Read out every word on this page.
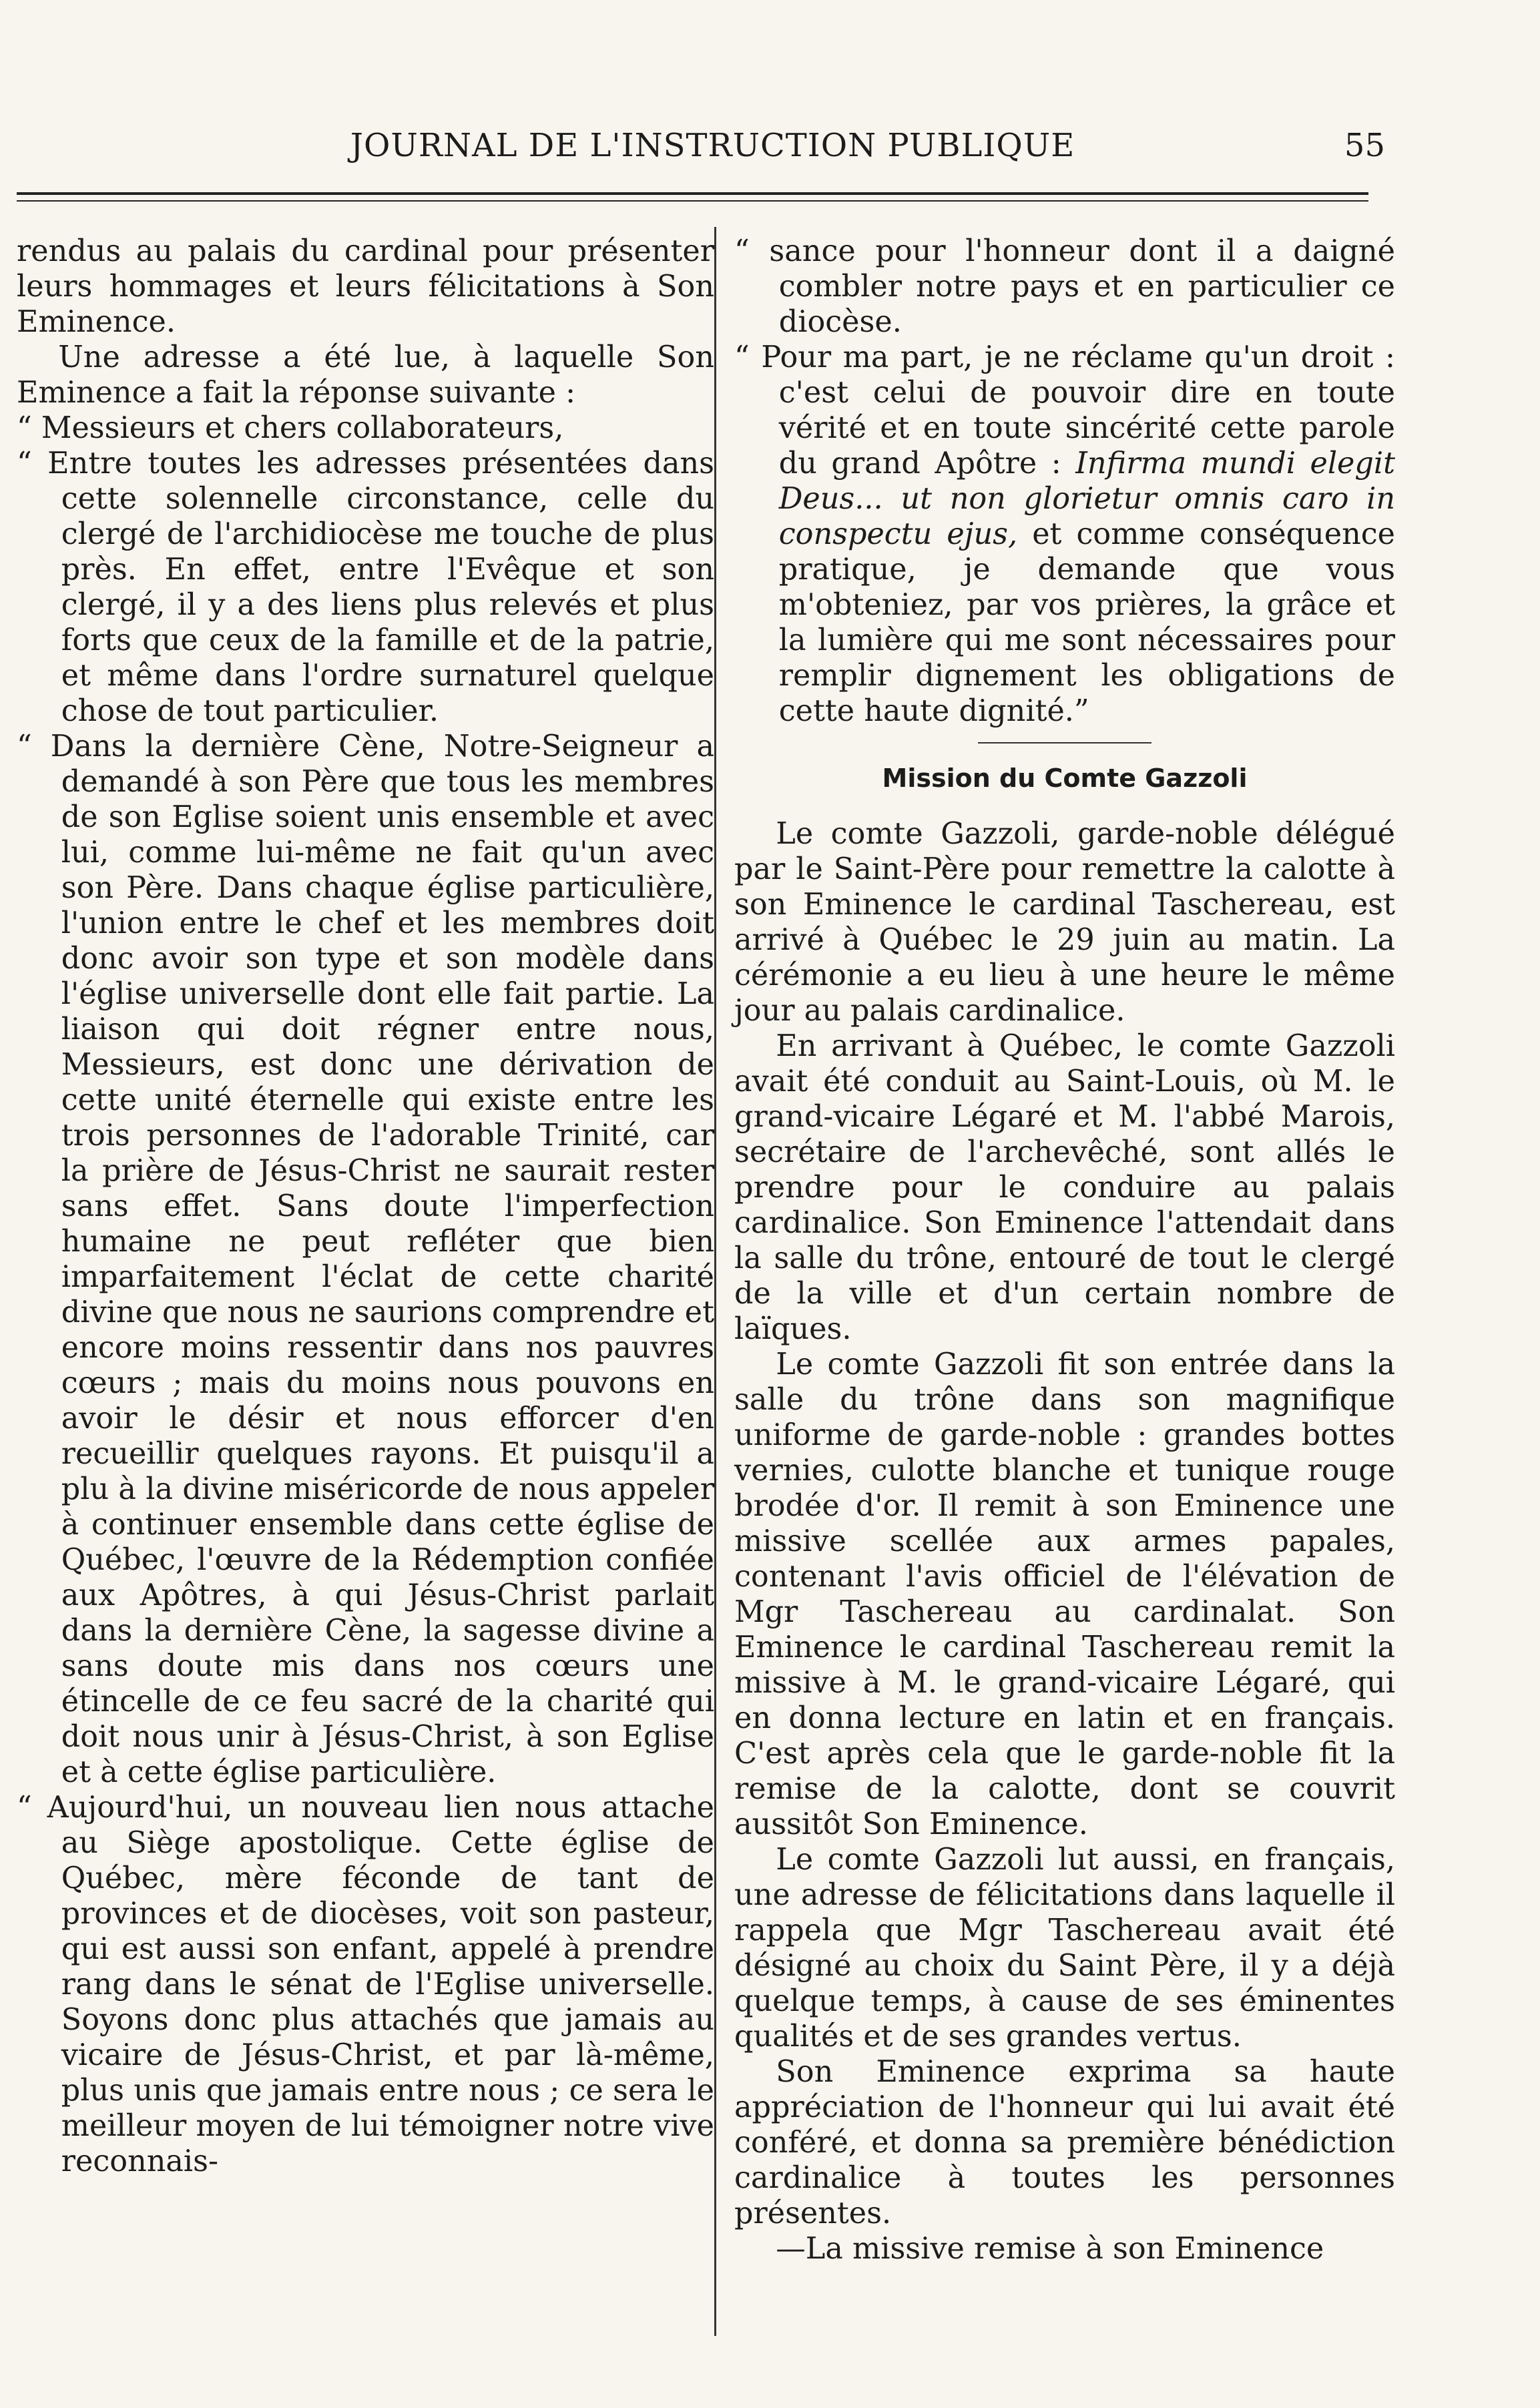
JOURNAL DE L'INSTRUCTION PUBLIQUE	55

rendus au palais du cardinal pour présenter leurs hommages et leurs félicitations à Son Eminence.

Une adresse a été lue, à laquelle Son Eminence a fait la réponse suivante :

“ Messieurs et chers collaborateurs,

“ Entre toutes les adresses présentées dans cette solennelle circonstance, celle du clergé de l'archidiocèse me touche de plus près. En effet, entre l'Evêque et son clergé, il y a des liens plus relevés et plus forts que ceux de la famille et de la patrie, et même dans l'ordre surnaturel quelque chose de tout particulier.

“ Dans la dernière Cène, Notre-Seigneur a demandé à son Père que tous les membres de son Eglise soient unis ensemble et avec lui, comme lui-même ne fait qu'un avec son Père. Dans chaque église particulière, l'union entre le chef et les membres doit donc avoir son type et son modèle dans l'église universelle dont elle fait partie. La liaison qui doit régner entre nous, Messieurs, est donc une dérivation de cette unité éternelle qui existe entre les trois personnes de l'adorable Trinité, car la prière de Jésus-Christ ne saurait rester sans effet. Sans doute l'imperfection humaine ne peut refléter que bien imparfaitement l'éclat de cette charité divine que nous ne saurions comprendre et encore moins ressentir dans nos pauvres cœurs ; mais du moins nous pouvons en avoir le désir et nous efforcer d'en recueillir quelques rayons. Et puisqu'il a plu à la divine miséricorde de nous appeler à continuer ensemble dans cette église de Québec, l'œuvre de la Rédemption confiée aux Apôtres, à qui Jésus-Christ parlait dans la dernière Cène, la sagesse divine a sans doute mis dans nos cœurs une étincelle de ce feu sacré de la charité qui doit nous unir à Jésus-Christ, à son Eglise et à cette église particulière.

“ Aujourd'hui, un nouveau lien nous attache au Siège apostolique. Cette église de Québec, mère féconde de tant de provinces et de diocèses, voit son pasteur, qui est aussi son enfant, appelé à prendre rang dans le sénat de l'Eglise universelle. Soyons donc plus attachés que jamais au vicaire de Jésus-Christ, et par là-même, plus unis que jamais entre nous ; ce sera le meilleur moyen de lui témoigner notre vive reconnais-

“ sance pour l'honneur dont il a daigné combler notre pays et en particulier ce diocèse.

“ Pour ma part, je ne réclame qu'un droit : c'est celui de pouvoir dire en toute vérité et en toute sincérité cette parole du grand Apôtre : Infirma mundi elegit Deus... ut non glorietur omnis caro in conspectu ejus, et comme conséquence pratique, je demande que vous m'obteniez, par vos prières, la grâce et la lumière qui me sont nécessaires pour remplir dignement les obligations de cette haute dignité.”

Mission du Comte Gazzoli

Le comte Gazzoli, garde-noble délégué par le Saint-Père pour remettre la calotte à son Eminence le cardinal Taschereau, est arrivé à Québec le 29 juin au matin. La cérémonie a eu lieu à une heure le même jour au palais cardinalice.

En arrivant à Québec, le comte Gazzoli avait été conduit au Saint-Louis, où M. le grand-vicaire Légaré et M. l'abbé Marois, secrétaire de l'archevêché, sont allés le prendre pour le conduire au palais cardinalice. Son Eminence l'attendait dans la salle du trône, entouré de tout le clergé de la ville et d'un certain nombre de laïques.

Le comte Gazzoli fit son entrée dans la salle du trône dans son magnifique uniforme de garde-noble : grandes bottes vernies, culotte blanche et tunique rouge brodée d'or. Il remit à son Eminence une missive scellée aux armes papales, contenant l'avis officiel de l'élévation de Mgr Taschereau au cardinalat. Son Eminence le cardinal Taschereau remit la missive à M. le grand-vicaire Légaré, qui en donna lecture en latin et en français. C'est après cela que le garde-noble fit la remise de la calotte, dont se couvrit aussitôt Son Eminence.

Le comte Gazzoli lut aussi, en français, une adresse de félicitations dans laquelle il rappela que Mgr Taschereau avait été désigné au choix du Saint Père, il y a déjà quelque temps, à cause de ses éminentes qualités et de ses grandes vertus.

Son Eminence exprima sa haute appréciation de l'honneur qui lui avait été conféré, et donna sa première bénédiction cardinalice à toutes les personnes présentes.

—La missive remise à son Eminence
